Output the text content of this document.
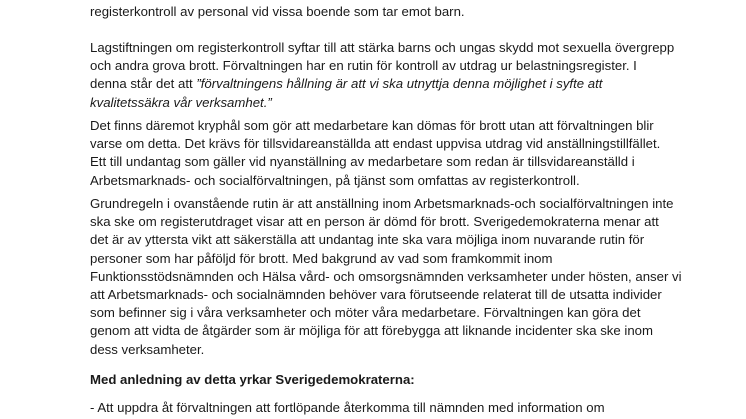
registerkontroll av personal vid vissa boende som tar emot barn.

Lagstiftningen om registerkontroll syftar till att stärka barns och ungas skydd mot sexuella övergrepp
och andra grova brott. Förvaltningen har en rutin för kontroll av utdrag ur belastningsregister. I
denna står det att ”förvaltningens hållning är att vi ska utnyttja denna möjlighet i syfte att
kvalitetssäkra vår verksamhet.”

Det finns däremot kryphål som gör att medarbetare kan dömas för brott utan att förvaltningen blir
varse om detta. Det krävs för tillsvidareanställda att endast uppvisa utdrag vid anställningstillfället.
Ett till undantag som gäller vid nyanställning av medarbetare som redan är tillsvidareanställd i
Arbetsmarknads- och socialförvaltningen, på tjänst som omfattas av registerkontroll.

Grundregeln i ovanstående rutin är att anställning inom Arbetsmarknads-och socialförvaltningen inte
ska ske om registerutdraget visar att en person är dömd för brott. Sverigedemokraterna menar att
det är av yttersta vikt att säkerställa att undantag inte ska vara möjliga inom nuvarande rutin för
personer som har påföljd för brott. Med bakgrund av vad som framkommit inom
Funktionsstödsnämnden och Hälsa vård- och omsorgsnämnden verksamheter under hösten, anser vi
att Arbetsmarknads- och socialnämnden behöver vara förutseende relaterat till de utsatta individer
som befinner sig i våra verksamheter och möter våra medarbetare. Förvaltningen kan göra det
genom att vidta de åtgärder som är möjliga för att förebygga att liknande incidenter ska ske inom
dess verksamheter.

Med anledning av detta yrkar Sverigedemokraterna:

- Att uppdra åt förvaltningen att fortlöpande återkomma till nämnden med information om
